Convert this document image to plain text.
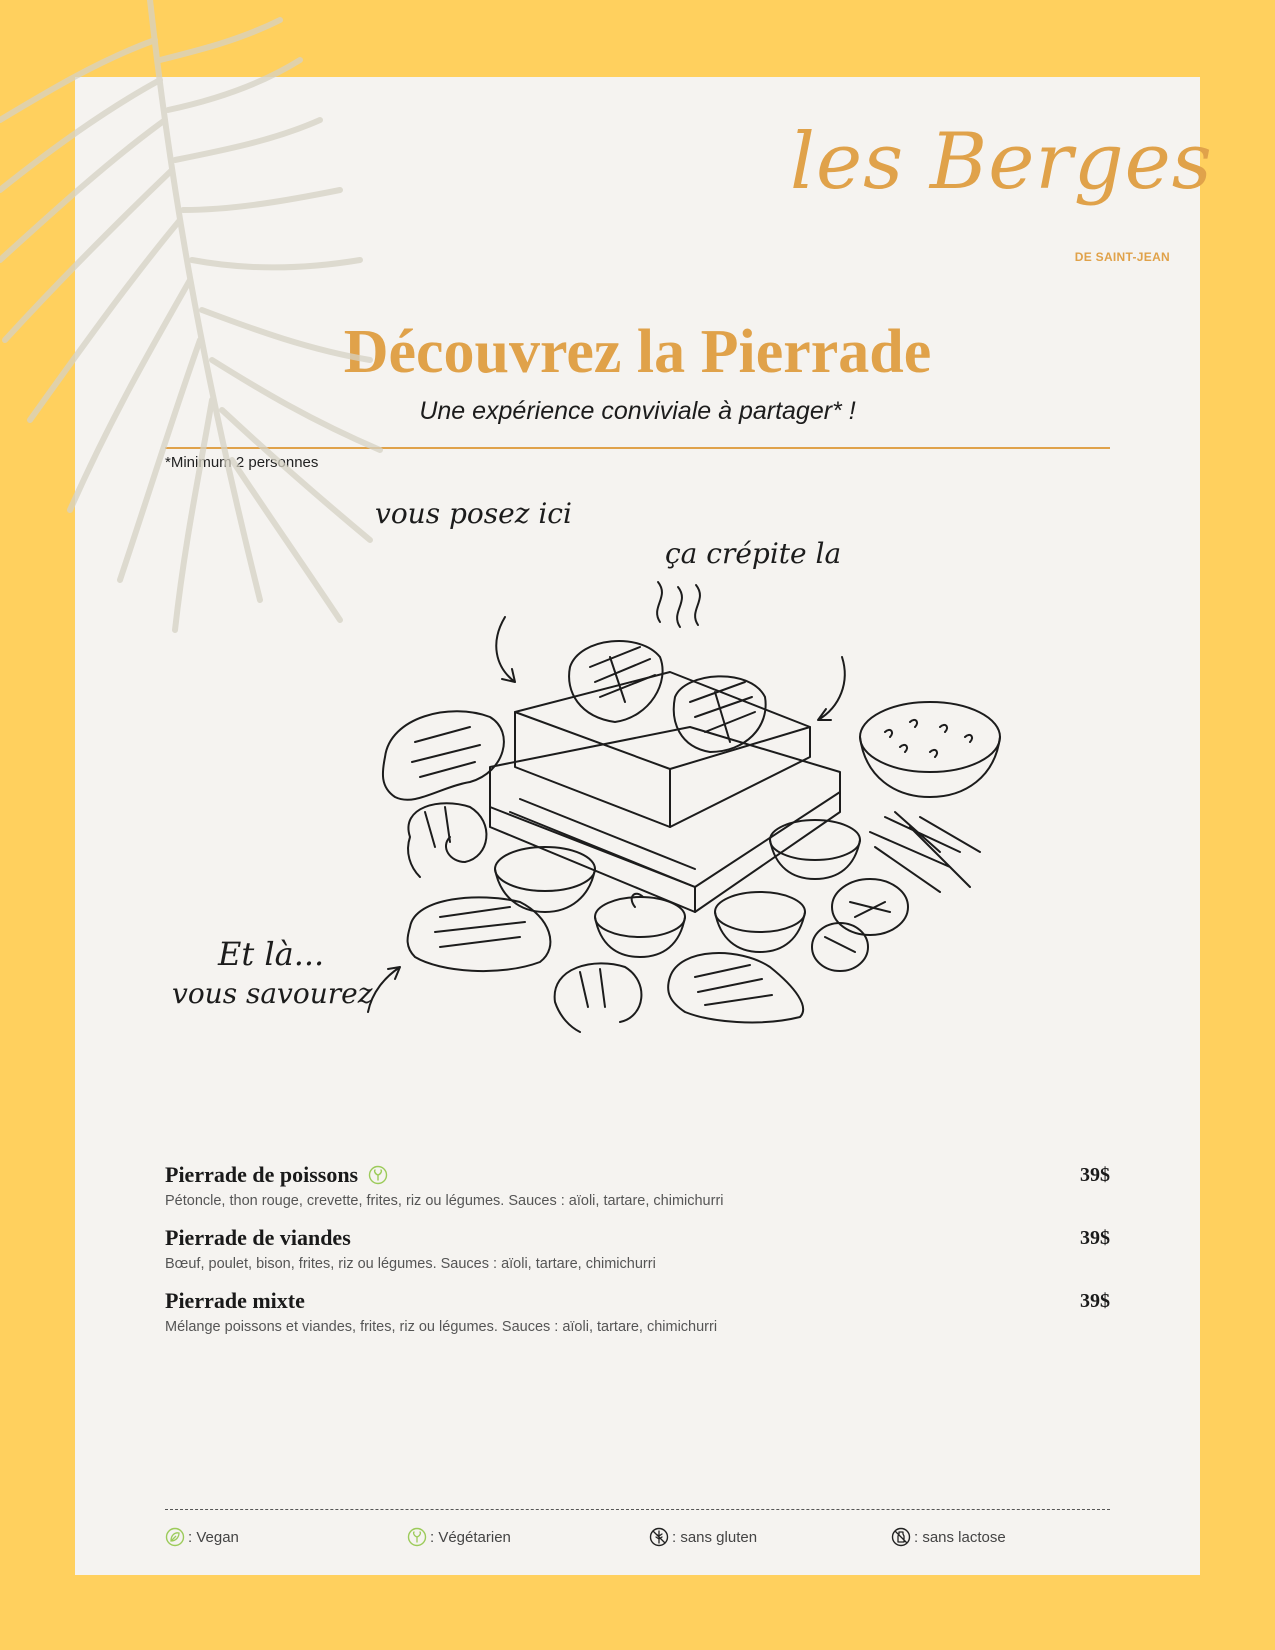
les Berges
DE SAINT-JEAN
Découvrez la Pierrade
Une expérience conviviale à partager* !
*Minimum 2 personnes
vous posez ici
ça crépite la
Et là...
vous savourez
Pierrade de poissons	39$
Pétoncle, thon rouge, crevette, frites, riz ou légumes. Sauces : aïoli, tartare, chimichurri
Pierrade de viandes	39$
Bœuf, poulet, bison, frites, riz ou légumes. Sauces : aïoli, tartare, chimichurri
Pierrade mixte	39$
Mélange poissons et viandes, frites, riz ou légumes. Sauces : aïoli, tartare, chimichurri
: Vegan	: Végétarien	: sans gluten	: sans lactose
